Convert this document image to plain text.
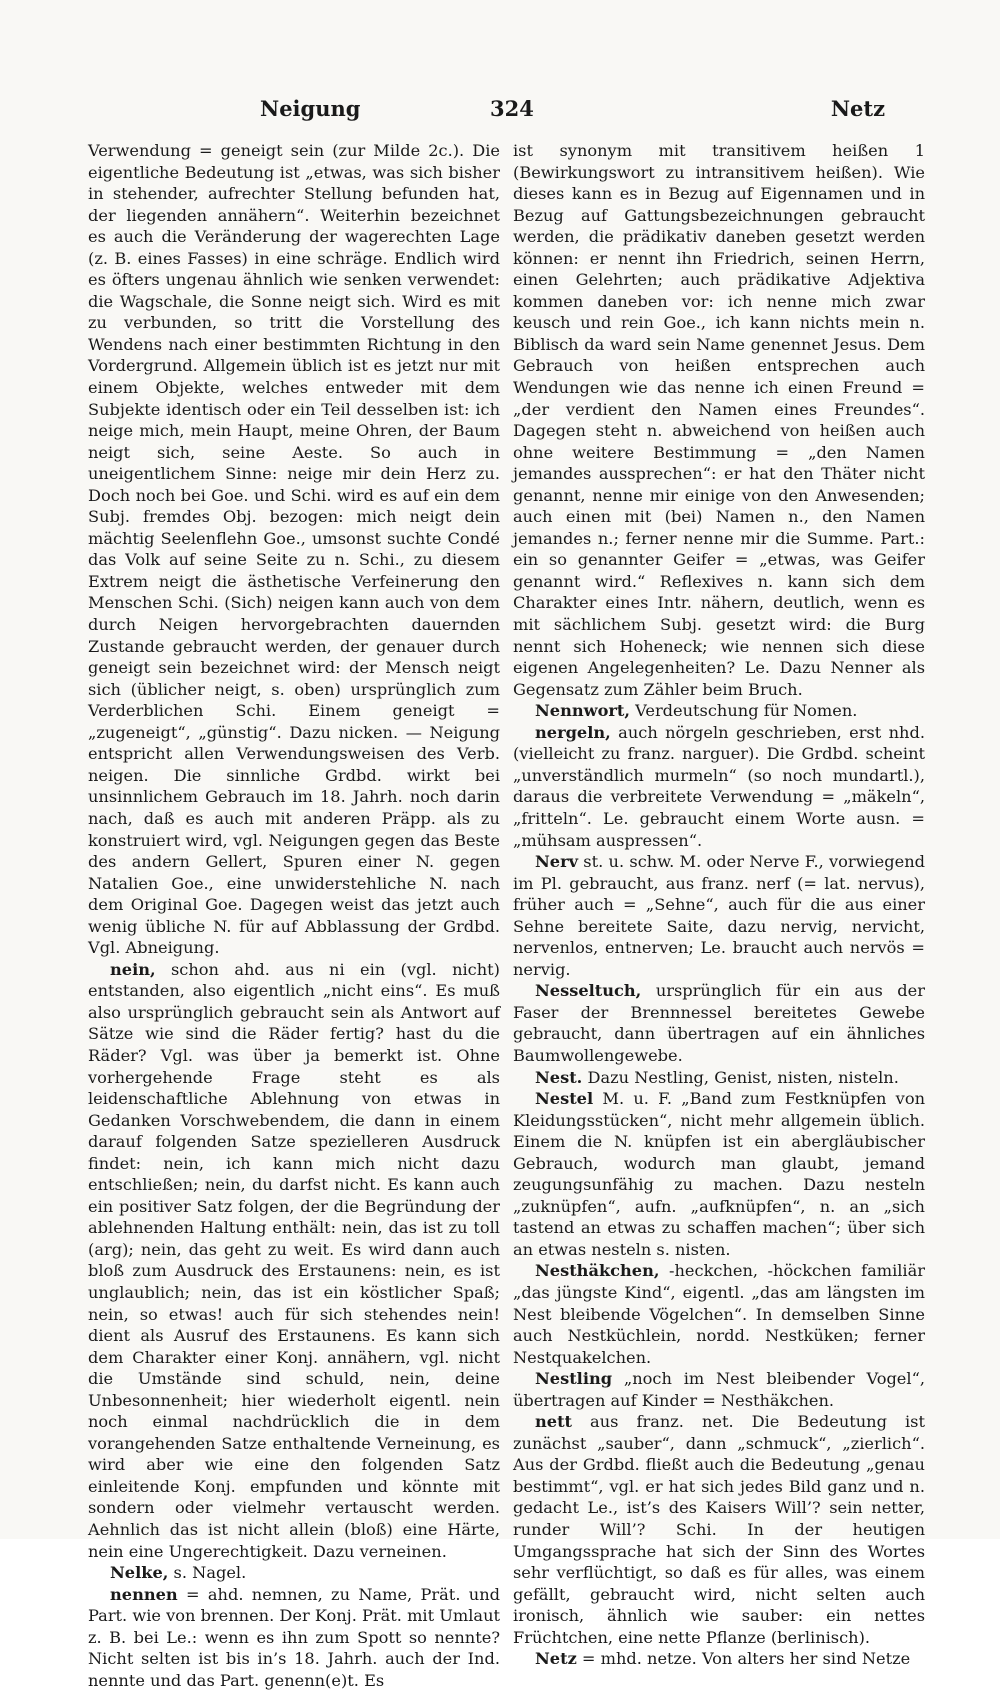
Neigung	324	Netz

Verwendung = geneigt sein (zur Milde 2c.). Die eigentliche Bedeutung ist „etwas, was sich bisher in stehender, aufrechter Stellung befunden hat, der liegenden annähern“. Weiterhin bezeichnet es auch die Veränderung der wagerechten Lage (z. B. eines Fasses) in eine schräge. Endlich wird es öfters ungenau ähnlich wie senken verwendet: die Wagschale, die Sonne neigt sich. Wird es mit zu verbunden, so tritt die Vorstellung des Wendens nach einer bestimmten Richtung in den Vordergrund. Allgemein üblich ist es jetzt nur mit einem Objekte, welches entweder mit dem Subjekte identisch oder ein Teil desselben ist: ich neige mich, mein Haupt, meine Ohren, der Baum neigt sich, seine Aeste. So auch in uneigentlichem Sinne: neige mir dein Herz zu. Doch noch bei Goe. und Schi. wird es auf ein dem Subj. fremdes Obj. bezogen: mich neigt dein mächtig Seelenflehn Goe., umsonst suchte Condé das Volk auf seine Seite zu n. Schi., zu diesem Extrem neigt die ästhetische Verfeinerung den Menschen Schi. (Sich) neigen kann auch von dem durch Neigen hervorgebrachten dauernden Zustande gebraucht werden, der genauer durch geneigt sein bezeichnet wird: der Mensch neigt sich (üblicher neigt, s. oben) ursprünglich zum Verderblichen Schi. Einem geneigt = „zugeneigt“, „günstig“. Dazu nicken. — Neigung entspricht allen Verwendungsweisen des Verb. neigen. Die sinnliche Grdbd. wirkt bei unsinnlichem Gebrauch im 18. Jahrh. noch darin nach, daß es auch mit anderen Präpp. als zu konstruiert wird, vgl. Neigungen gegen das Beste des andern Gellert, Spuren einer N. gegen Natalien Goe., eine unwiderstehliche N. nach dem Original Goe. Dagegen weist das jetzt auch wenig übliche N. für auf Abblassung der Grdbd. Vgl. Abneigung.

nein, schon ahd. aus ni ein (vgl. nicht) entstanden, also eigentlich „nicht eins“. Es muß also ursprünglich gebraucht sein als Antwort auf Sätze wie sind die Räder fertig? hast du die Räder? Vgl. was über ja bemerkt ist. Ohne vorhergehende Frage steht es als leidenschaftliche Ablehnung von etwas in Gedanken Vorschwebendem, die dann in einem darauf folgenden Satze spezielleren Ausdruck findet: nein, ich kann mich nicht dazu entschließen; nein, du darfst nicht. Es kann auch ein positiver Satz folgen, der die Begründung der ablehnenden Haltung enthält: nein, das ist zu toll (arg); nein, das geht zu weit. Es wird dann auch bloß zum Ausdruck des Erstaunens: nein, es ist unglaublich; nein, das ist ein köstlicher Spaß; nein, so etwas! auch für sich stehendes nein! dient als Ausruf des Erstaunens. Es kann sich dem Charakter einer Konj. annähern, vgl. nicht die Umstände sind schuld, nein, deine Unbesonnenheit; hier wiederholt eigentl. nein noch einmal nachdrücklich die in dem vorangehenden Satze enthaltende Verneinung, es wird aber wie eine den folgenden Satz einleitende Konj. empfunden und könnte mit sondern oder vielmehr vertauscht werden. Aehnlich das ist nicht allein (bloß) eine Härte, nein eine Ungerechtigkeit. Dazu verneinen.

Nelke, s. Nagel.

nennen = ahd. nemnen, zu Name, Prät. und Part. wie von brennen. Der Konj. Prät. mit Umlaut z. B. bei Le.: wenn es ihn zum Spott so nennte? Nicht selten ist bis in’s 18. Jahrh. auch der Ind. nennte und das Part. genenn(e)t. Es

ist synonym mit transitivem heißen 1 (Bewirkungswort zu intransitivem heißen). Wie dieses kann es in Bezug auf Eigennamen und in Bezug auf Gattungsbezeichnungen gebraucht werden, die prädikativ daneben gesetzt werden können: er nennt ihn Friedrich, seinen Herrn, einen Gelehrten; auch prädikative Adjektiva kommen daneben vor: ich nenne mich zwar keusch und rein Goe., ich kann nichts mein n. Biblisch da ward sein Name genennet Jesus. Dem Gebrauch von heißen entsprechen auch Wendungen wie das nenne ich einen Freund = „der verdient den Namen eines Freundes“. Dagegen steht n. abweichend von heißen auch ohne weitere Bestimmung = „den Namen jemandes aussprechen“: er hat den Thäter nicht genannt, nenne mir einige von den Anwesenden; auch einen mit (bei) Namen n., den Namen jemandes n.; ferner nenne mir die Summe. Part.: ein so genannter Geifer = „etwas, was Geifer genannt wird.“ Reflexives n. kann sich dem Charakter eines Intr. nähern, deutlich, wenn es mit sächlichem Subj. gesetzt wird: die Burg nennt sich Hoheneck; wie nennen sich diese eigenen Angelegenheiten? Le. Dazu Nenner als Gegensatz zum Zähler beim Bruch.

Nennwort, Verdeutschung für Nomen.

nergeln, auch nörgeln geschrieben, erst nhd. (vielleicht zu franz. narguer). Die Grdbd. scheint „unverständlich murmeln“ (so noch mundartl.), daraus die verbreitete Verwendung = „mäkeln“, „fritteln“. Le. gebraucht einem Worte ausn. = „mühsam auspressen“.

Nerv st. u. schw. M. oder Nerve F., vorwiegend im Pl. gebraucht, aus franz. nerf (= lat. nervus), früher auch = „Sehne“, auch für die aus einer Sehne bereitete Saite, dazu nervig, nervicht, nervenlos, entnerven; Le. braucht auch nervös = nervig.

Nesseltuch, ursprünglich für ein aus der Faser der Brennnessel bereitetes Gewebe gebraucht, dann übertragen auf ein ähnliches Baumwollengewebe.

Nest. Dazu Nestling, Genist, nisten, nisteln.

Nestel M. u. F. „Band zum Festknüpfen von Kleidungsstücken“, nicht mehr allgemein üblich. Einem die N. knüpfen ist ein abergläubischer Gebrauch, wodurch man glaubt, jemand zeugungsunfähig zu machen. Dazu nesteln „zuknüpfen“, aufn. „aufknüpfen“, n. an „sich tastend an etwas zu schaffen machen“; über sich an etwas nesteln s. nisten.

Nesthäkchen, -heckchen, -höckchen familiär „das jüngste Kind“, eigentl. „das am längsten im Nest bleibende Vögelchen“. In demselben Sinne auch Nestküchlein, nordd. Nestküken; ferner Nestquakelchen.

Nestling „noch im Nest bleibender Vogel“, übertragen auf Kinder = Nesthäkchen.

nett aus franz. net. Die Bedeutung ist zunächst „sauber“, dann „schmuck“, „zierlich“. Aus der Grdbd. fließt auch die Bedeutung „genau bestimmt“, vgl. er hat sich jedes Bild ganz und n. gedacht Le., ist’s des Kaisers Will’? sein netter, runder Will’? Schi. In der heutigen Umgangssprache hat sich der Sinn des Wortes sehr verflüchtigt, so daß es für alles, was einem gefällt, gebraucht wird, nicht selten auch ironisch, ähnlich wie sauber: ein nettes Früchtchen, eine nette Pflanze (berlinisch).

Netz = mhd. netze. Von alters her sind Netze
